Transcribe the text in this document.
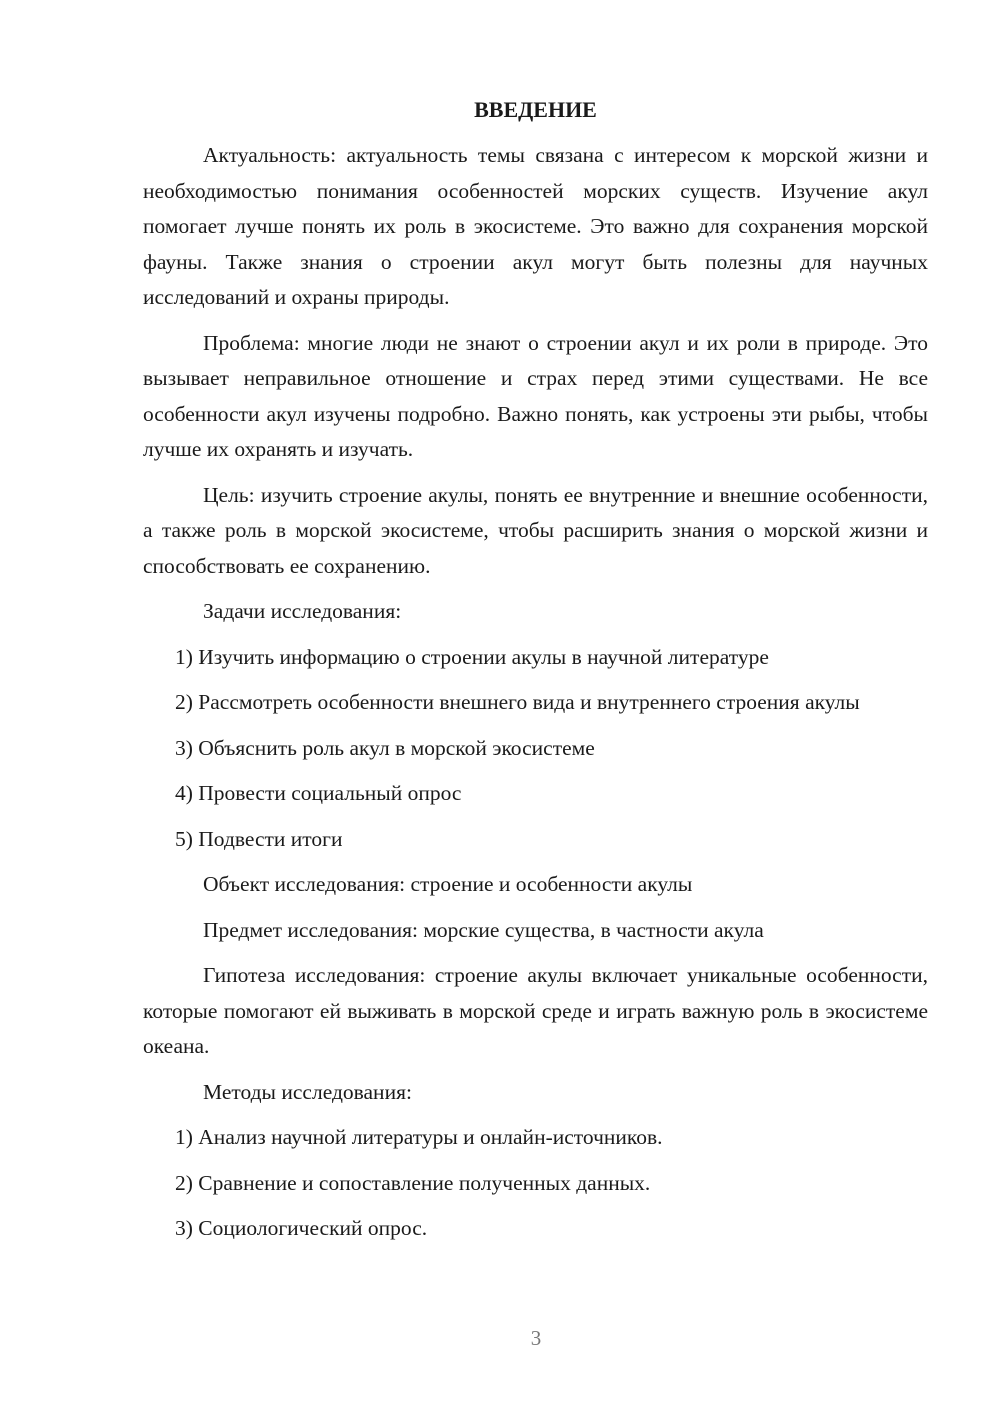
ВВЕДЕНИЕ

Актуальность: актуальность темы связана с интересом к морской жизни и необходимостью понимания особенностей морских существ. Изучение акул помогает лучше понять их роль в экосистеме. Это важно для сохранения морской фауны. Также знания о строении акул могут быть полезны для научных исследований и охраны природы.

Проблема: многие люди не знают о строении акул и их роли в природе. Это вызывает неправильное отношение и страх перед этими существами. Не все особенности акул изучены подробно. Важно понять, как устроены эти рыбы, чтобы лучше их охранять и изучать.

Цель: изучить строение акулы, понять ее внутренние и внешние особенности, а также роль в морской экосистеме, чтобы расширить знания о морской жизни и способствовать ее сохранению.

Задачи исследования:

1) Изучить информацию о строении акулы в научной литературе

2) Рассмотреть особенности внешнего вида и внутреннего строения акулы

3) Объяснить роль акул в морской экосистеме

4) Провести социальный опрос

5) Подвести итоги

Объект исследования: строение и особенности акулы

Предмет исследования: морские существа, в частности акула

Гипотеза исследования: строение акулы включает уникальные особенности, которые помогают ей выживать в морской среде и играть важную роль в экосистеме океана.

Методы исследования:

1) Анализ научной литературы и онлайн-источников.

2) Сравнение и сопоставление полученных данных.

3) Социологический опрос.

3
